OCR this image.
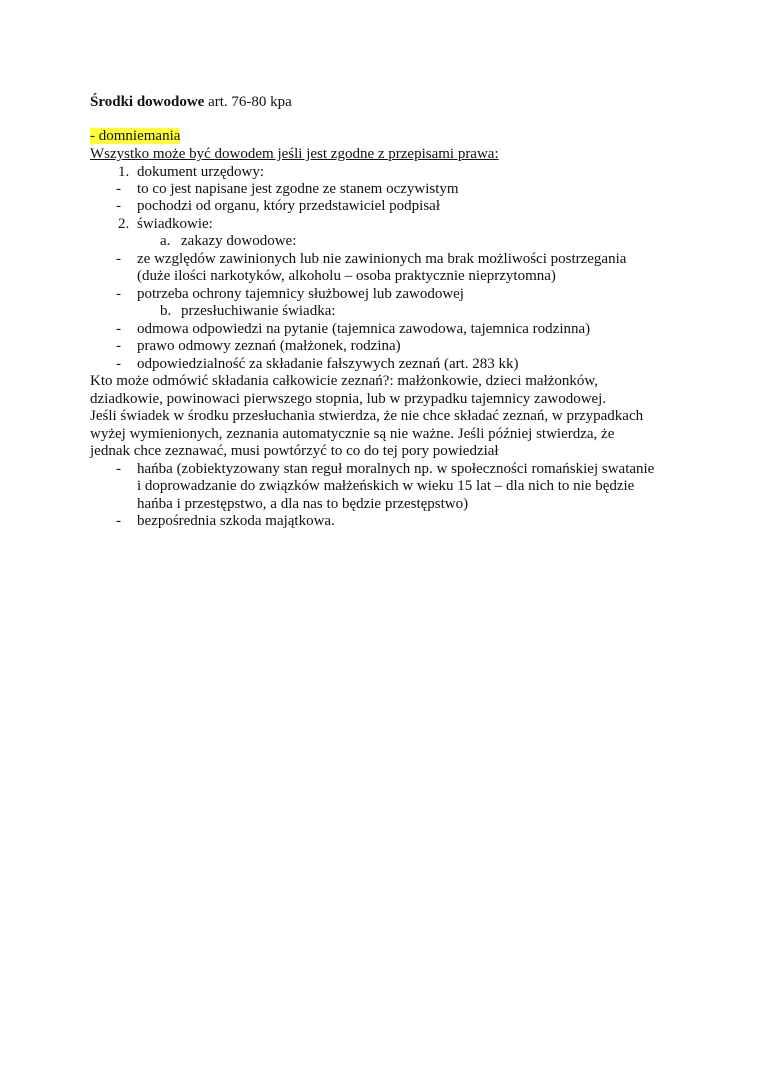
Środki dowodowe art. 76-80 kpa
- domniemania
Wszystko może być dowodem jeśli jest zgodne z przepisami prawa:
1. dokument urzędowy:
- to co jest napisane jest zgodne ze stanem oczywistym
- pochodzi od organu, który przedstawiciel podpisał
2. świadkowie:
a. zakazy dowodowe:
- ze względów zawinionych lub nie zawinionych ma brak możliwości postrzegania
(duże ilości narkotyków, alkoholu – osoba praktycznie nieprzytomna)
- potrzeba ochrony tajemnicy służbowej lub zawodowej
b. przesłuchiwanie świadka:
- odmowa odpowiedzi na pytanie (tajemnica zawodowa, tajemnica rodzinna)
- prawo odmowy zeznań (małżonek, rodzina)
- odpowiedzialność za składanie fałszywych zeznań (art. 283 kk)
Kto może odmówić składania całkowicie zeznań?: małżonkowie, dzieci małżonków,
dziadkowie, powinowaci pierwszego stopnia, lub w przypadku tajemnicy zawodowej.
Jeśli świadek w środku przesłuchania stwierdza, że nie chce składać zeznań, w przypadkach
wyżej wymienionych, zeznania automatycznie są nie ważne. Jeśli później stwierdza, że
jednak chce zeznawać, musi powtórzyć to co do tej pory powiedział
- hańba (zobiektyzowany stan reguł moralnych np. w społeczności romańskiej swatanie
i doprowadzanie do związków małżeńskich w wieku 15 lat – dla nich to nie będzie
hańba i przestępstwo, a dla nas to będzie przestępstwo)
- bezpośrednia szkoda majątkowa.
